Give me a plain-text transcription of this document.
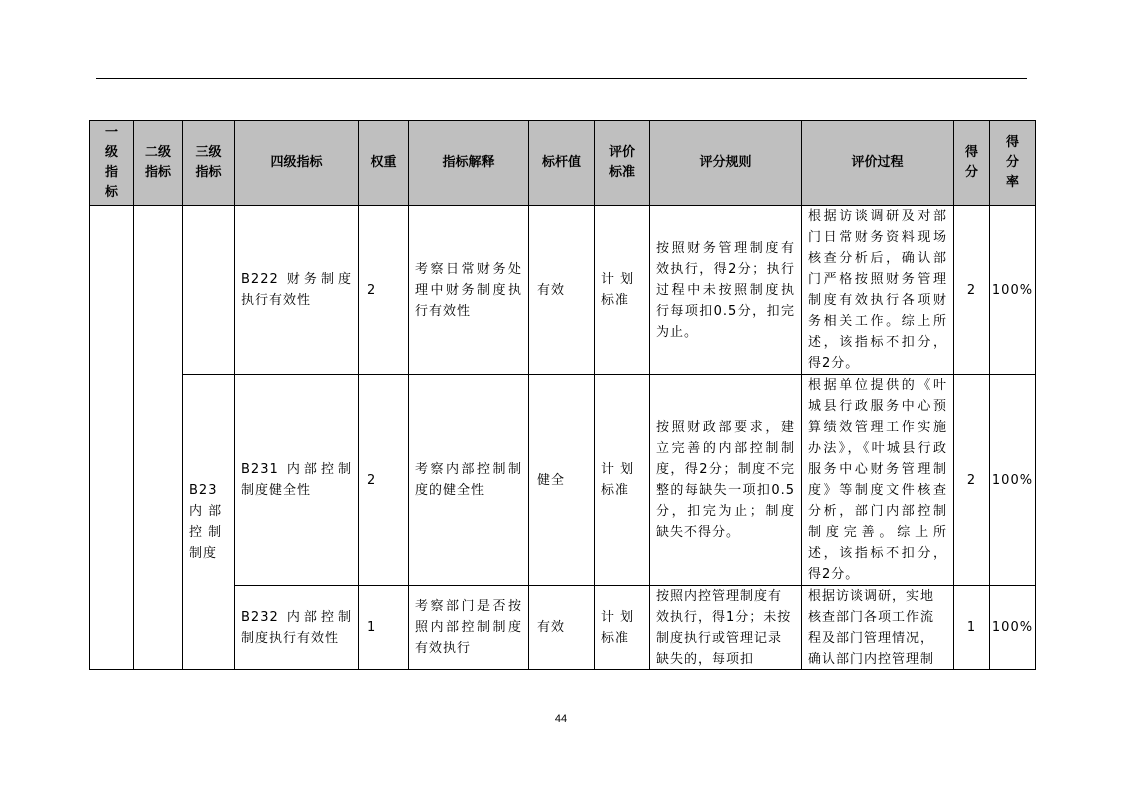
一级指标	二级指标	三级指标	四级指标	权重	指标解释	标杆值	评价标准	评分规则	评价过程	得分	得分率
			B222 财务制度执行有效性	2	考察日常财务处理中财务制度执行有效性	有效	计 划标准	按照财务管理制度有效执行，得2分；执行过程中未按照制度执行每项扣0.5分，扣完为止。	根据访谈调研及对部门日常财务资料现场核查分析后，确认部门严格按照财务管理制度有效执行各项财务相关工作。综上所述，该指标不扣分，得2分。	2	100%
		B23 内 部 控 制 制度	B231 内部控制制度健全性	2	考察内部控制制度的健全性	健全	计 划标准	按照财政部要求，建立完善的内部控制制度，得2分；制度不完整的每缺失一项扣0.5分，扣完为止；制度缺失不得分。	根据单位提供的《叶城县行政服务中心预算绩效管理工作实施办法》，《叶城县行政服务中心财务管理制度》等制度文件核查分析，部门内部控制制度完善。综上所述，该指标不扣分，得2分。	2	100%
			B232 内部控制制度执行有效性	1	考察部门是否按照内部控制制度有效执行	有效	计 划标准	按照内控管理制度有效执行，得1分；未按制度执行或管理记录缺失的，每项扣	根据访谈调研，实地核查部门各项工作流程及部门管理情况，确认部门内控管理制	1	100%
44
